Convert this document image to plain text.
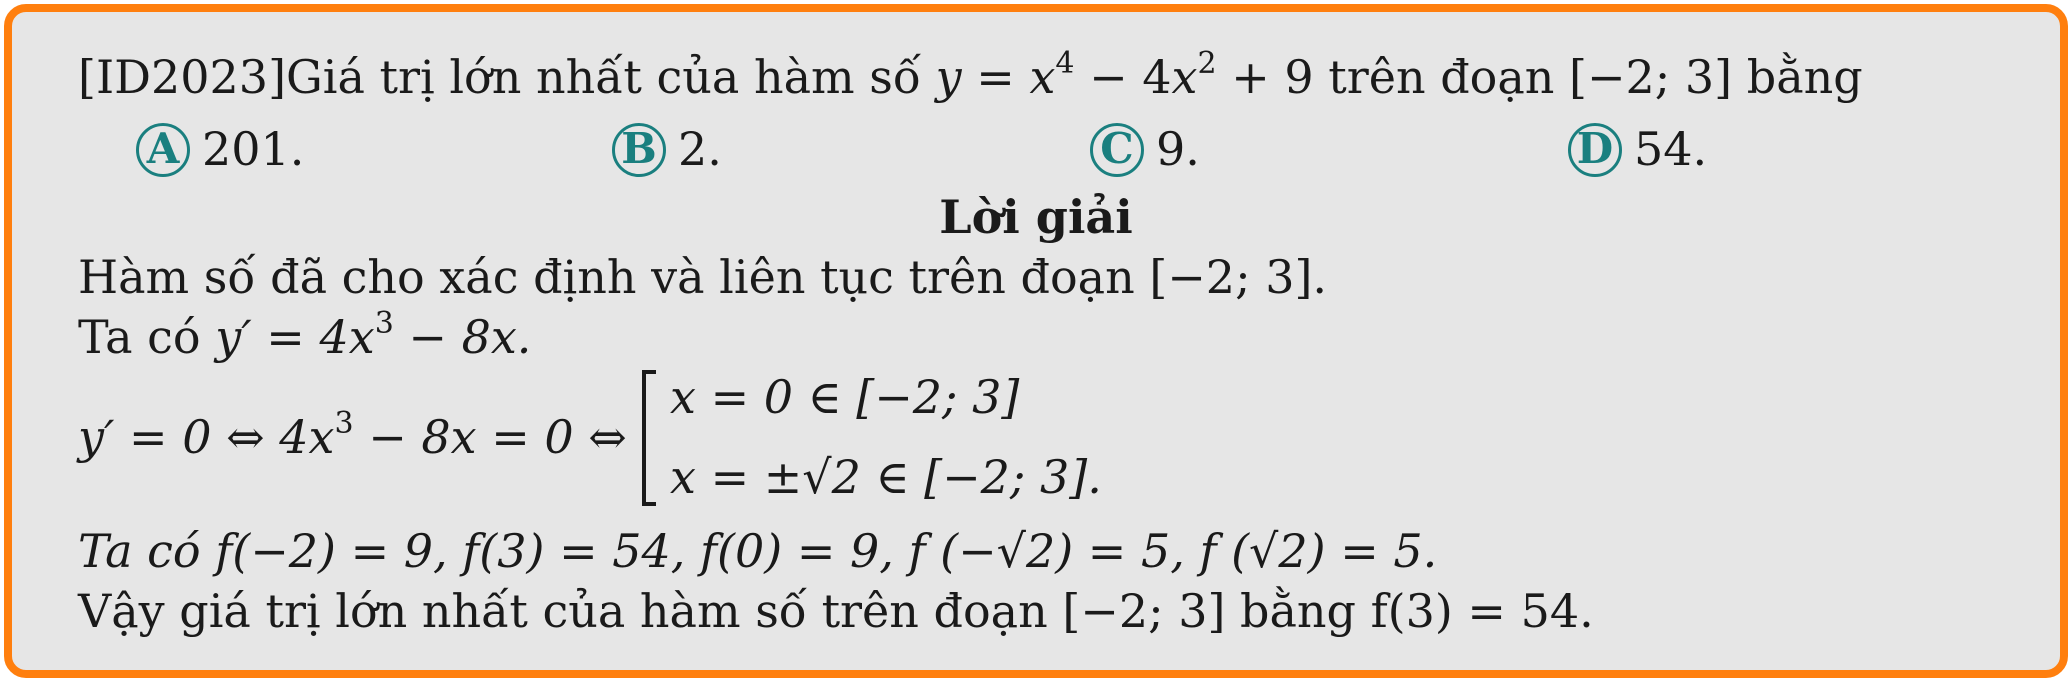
[ID2023]Giá trị lớn nhất của hàm số $y = x^4 - 4x^2 + 9$ trên đoạn [−2; 3] bằng
A 201.	B 2.	C 9.	D 54.
Lời giải
Hàm số đã cho xác định và liên tục trên đoạn [−2; 3].
Ta có $y' = 4x^3 - 8x$.
y′ = 0 ⇔ $4x^3 - 8x = 0$ ⇔
x = 0 ∈ [−2; 3]
x = ±√2 ∈ [−2; 3].
Ta có f(−2) = 9, f(3) = 54, f(0) = 9, f (−√2) = 5, f (√2) = 5.
Vậy giá trị lớn nhất của hàm số trên đoạn [−2; 3] bằng f(3) = 54.
